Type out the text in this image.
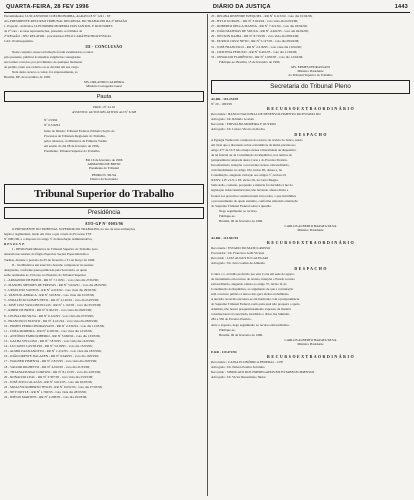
QUARTA-FEIRA, 28 FEV 1996	DIÁRIO DA JUSTIÇA	1443

Encaminhados: LUIZ ANTONIO COELHO BORBA, AGRAVO 8 Nº 1241 - SP

AG-PRESIDENTE-RECURSO TRIBUNAL REGIONAL DO TRABALHO DA 2ª REGIÃO

1. Expedir - indicados CLEUDOMIR MOREIRA DOS SANTOS, E DOUTORES

da 2ª vara - as suas representações, passando os trâmites de

2ª REGIÃO - SEU RELATOR - procuradores PELO CARÁTER PROCESSUAL

CAS 10 subsequentes.

III - CONCLUSÃO

Neste conjunto, nesse reclamação foram examinados os autos

pelo presente, publicar às mesmas exigências consagradas

nos termos corretos, por provimento, de qualquer momento

de pedido, tanto seu caderno ou as devidas em seu cargo.

Nele deste recurso a contar, foi expressamente, as

Brasília, DF, de novembro de 1995.

MS. ORLANDO CALDEIRA
Ministro Corregedor-Geral
Pauta

PROC. Nº 4.116

ASSUNTO: AUTOS RELATIVOS AO Nº 6.328

Nº 2/1994

Nº 6.316/94

Juízo de Direito: Tribunal Federal, Primeira Seção do

Processos de Tribunais Regionais do Trabalho,

pelos relatores, os Ministros da Primeira Turma

em sessão do dia 08 de fevereiro de 1996,

Presidente, Tribunal Superior do Trabalho.

Em 16 de fevereiro de 1996
ARMANDO DE BRITO
Presidente do Tribunal
PEDRO N. SILVA
Diretor da Secretaria
Tribunal Superior do Trabalho
Presidência
ATO-GP Nº 0003/96

O PRESIDENTE DO TRIBUNAL SUPERIOR DO TRABALHO, no uso de suas atribuições

legais e regimentais, tendo em vista o que consta do Processo TST

Nº 0001/96, e o disposto no artigo 3º da Resolução Administrativa,

R E S O L V E

I - DESIGNAR Ministros do Tribunal Superior do Trabalho para

atuarem nas sessões do Órgão Especial, Seções Especializadas e

Turmas, durante o período de 05 de fevereiro a 31 de março de 1996.

II - Os Ministros em exercício deverão comparecer às sessões

designadas, conforme pauta publicada pela Secretaria, as quais

serão realizadas às 13 horas, no Plenário do Tribunal Superior.

1 - ARMANDO DE BRITO - RR Nº 7.110/91 - voto vista dia 27/02/96;

2 - MANOEL MENDES DE FREITAS - RR Nº 5.024/91 - voto dia 28/02/96;

3 - URSULINO SANTOS - RR Nº 4.216/92 - voto vista dia 29/02/96;

4 - VANTUIL ABDALA - RR Nº 3.018/92 - voto vista dia 01/03/96;

5 - INDALÉCIO GOMES NETO - RR Nº 2.140/92 - voto dia 04/03/96;

6 - JOSÉ LUIZ VASCONCELLOS - RR Nº 1.116/93 - voto dia 05/03/96;

7 - RIDER DE BRITO - RR Nº 8.302/93 - voto vista dia 06/03/96;

8 - LEONALDO SILVA - RR Nº 6.122/93 - voto vista dia 07/03/96;

9 - FRANCISCO FAUSTO - RR Nº 4.411/94 - voto vista dia 08/03/96;

10 - ERMES PEDRO PEDRASSANI - RR Nº 2.330/94 - voto dia 11/03/96;

11 - CNEA MOREIRA - RR Nº 9.205/94 - voto vista dia 12/03/96;

12 - ANTÔNIO FÁBIO RIBEIRO - RR Nº 3.660/94 - voto dia 13/03/96;

13 - GALBA VELLOSO - RR Nº 7.870/95 - voto vista dia 14/03/96;

14 - LUCIANO CASTILHO - RR Nº 5.018/95 - voto dia 15/03/96;

15 - ALMIR PAZZIANOTTO - RR Nº 1.212/95 - voto vista dia 18/03/96;

16 - JOÃO ORESTE DALAZEN - RR Nº 6.640/95 - voto dia 19/03/96;

17 - WAGNER PIMENTA - RR Nº 2.815/95 - voto vista dia 20/03/96;

18 - VALDIR RIGHETTO - RR Nº 4.010/95 - voto dia 21/03/96;

19 - THAUMATURGO CORTIZO - RR Nº 8.115/95 - voto dia 22/03/96;

20 - RONALDO LEAL - RR Nº 3.307/95 - voto vista dia 25/03/96;

21 - JOSÉ ZITO CALASÃS - RR Nº 5.612/95 - voto dia 26/03/96;

22 - MOACYR ROBERTO TESCH - RR Nº 9.031/95 - voto dia 27/03/96;

23 - NEY DOYLE - RR Nº 1.760/95 - voto vista dia 28/03/96;

24 - IDÉLIO MARTINS - RR Nº 2.208/95 - voto dia 29/03/96.

25 - REGINA REZENDE EZEQUIEL - RR Nº 6.115/94 - voto dia 01/04/96;

26 - HYLO GURGEL - RR Nº 3.024/94 - voto vista dia 02/04/96;

27 - ROBERTO DELLA MANNA - RR Nº 7.321/94 - voto dia 03/04/96;

28 - JOÃO MATHIAS DE SOUZA - RR Nº 4.402/95 - voto dia 04/04/96;

29 - NELSON DAIHA - RR Nº 8.719/95 - voto vista dia 08/04/96;

30 - EURICO CRUZ NETO - RR Nº 5.127/95 - voto dia 09/04/96;

31 - JOSÉ FRANCISCO - RR Nº 2.316/95 - voto vista dia 10/04/96;

32 - CRISTINA PEDUZZI - RR Nº 9.401/95 - voto dia 11/04/96;

33 - OSWALDO FLORÊNCIO - RR Nº 1.650/95 - voto dia 12/04/96.

Publique-se. Brasília, 15 de fevereiro de 1996.

MS. ERMES PEDRASSANI
Ministro Presidente
do Tribunal Superior do Trabalho
Secretaria do Tribunal Pleno

AI-RR - 101.234/93

Nº 20 - 1993/95

R E C U R S O E X T R A O R D I N Á R I O

Recorrente : BANCO NACIONAL DE DESENVOLVIMENTO DO ESTADO DO

Advogado : Dr. Rômulo Gouvêa

Recorrido : EDIVALDO MOREIRA E OUTROS

Advogado : Dr. Lázaro Vitorio da Rocha

D E S P A C H O

A Egrégia Turma não conheceu do recurso de revista do banco, tendo

em vista que a discussão sobre a incidência da multa prevista no

artigo 477 da CLT não enseja ofensa à literalidade de dispositivo

de lei federal ou da Constituição da República, nos termos da

jurisprudência reiterada desta Corte e do Excelso Pretório.

Inconformado, interpõe o recorrente recurso extraordinário,

com fundamento no artigo 102, inciso III, alínea a, da

Constituição, alegando violação aos artigos 5º, incisos II,

XXXV, LIV e LV, e 93, inciso IX, da Carta Magna.

Sem razão, contudo, porquanto a matéria foi decidida à luz da

legislação infraconstitucional, não havendo ofensa direta e

frontal aos preceitos constitucionais invocados, o que inviabiliza

o processamento do apelo extremo, conforme reiterada orientação

do Supremo Tribunal Federal sobre a questão.

Nego seguimento ao recurso.

Publique-se.

Brasília, 06 de fevereiro de 1996.

CARLOS ALBERTO BARATA SILVA
Ministro Presidente

AI-RR - 114.501/94

R E C U R S O E X T R A O R D I N Á R I O

Recorrente : ESTADO DO MATO GROSSO

Procurador : Dr. Francisco Galli Vicente

Recorrido : LUIZ AUGUSTO CALEGARI

Advogado : Dr. Jairo Gomes de Almeida

D E S P A C H O

Contra o v. acórdão proferido por esta Corte em sede de agravo

de instrumento em recurso de revista, interpõe o Estado recurso

extraordinário, alegando ofensa ao artigo 37, inciso II, da

Constituição da República, ao argumento de que a contratação

sem concurso público é nula e não gera efeitos trabalhistas.

A decisão recorrida encontra-se em harmonia com a jurisprudência

do Supremo Tribunal Federal, razão pela qual não prospera o apelo.

Ademais, não houve prequestionamento expresso da matéria

constitucional ora suscitada, incidindo o óbice das Súmulas

282 e 356 do Excelso Pretório.

Ante o exposto, nego seguimento ao recurso extraordinário.

Publique-se.

Brasília, 06 de fevereiro de 1996.

CARLOS ALBERTO BARATA SILVA
Ministro Presidente

E-RR - 119.472/94

R E C U R S O E X T R A O R D I N Á R I O

Recorrente : CAIXA ECONÔMICA FEDERAL - CEF

Advogado : Dr. Nelson Pereira Sobrinho

Recorrido : SINDICATO DOS EMPREGADOS EM ESTABELECIMENTOS

Advogado : Dr. Victor Russomano Júnior
